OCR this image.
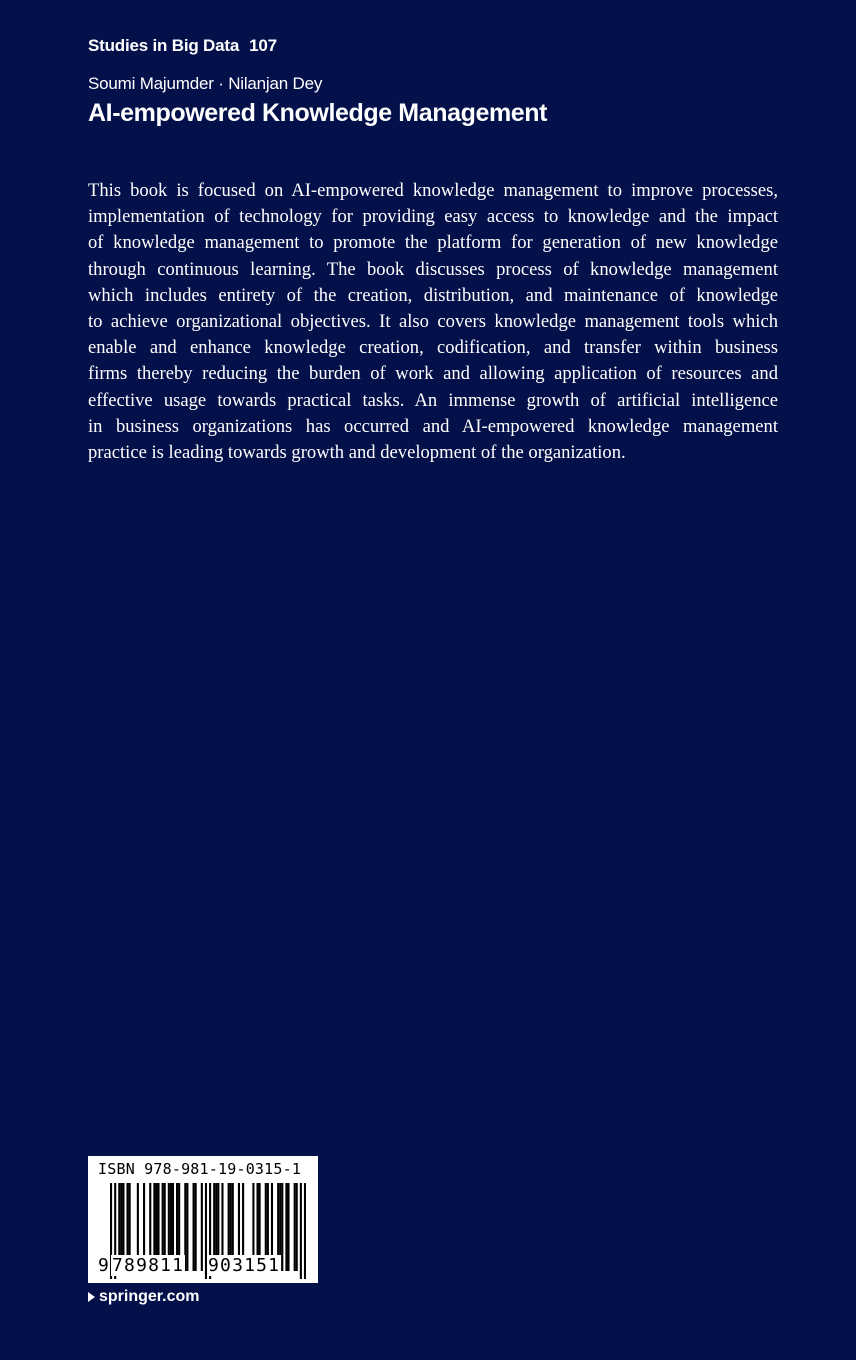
Studies in Big Data 107
Soumi Majumder · Nilanjan Dey
AI-empowered Knowledge Management

This book is focused on AI-empowered knowledge management to improve processes,
implementation of technology for providing easy access to knowledge and the impact
of knowledge management to promote the platform for generation of new knowledge
through continuous learning. The book discusses process of knowledge management
which includes entirety of the creation, distribution, and maintenance of knowledge
to achieve organizational objectives. It also covers knowledge management tools which
enable and enhance knowledge creation, codification, and transfer within business
firms thereby reducing the burden of work and allowing application of resources and
effective usage towards practical tasks. An immense growth of artificial intelligence
in business organizations has occurred and AI-empowered knowledge management
practice is leading towards growth and development of the organization.

ISBN 978-981-19-0315-1
9 789811 903151
springer.com
